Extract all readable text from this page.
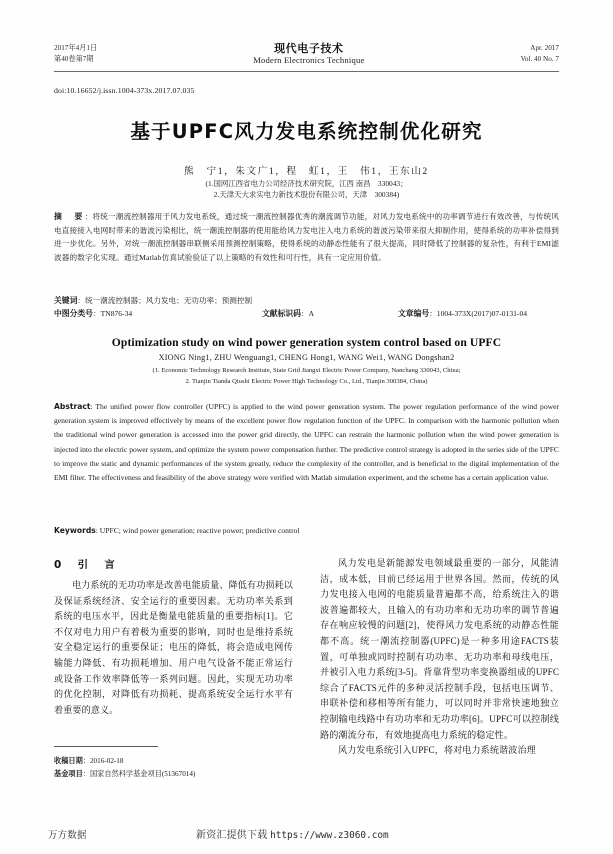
2017年4月1日
第40卷第7期
现代电子技术
Modern Electronics Technique
Apr. 2017
Vol. 40 No. 7
doi:10.16652/j.issn.1004-373x.2017.07.035
基于UPFC风力发电系统控制优化研究
熊　宁1，朱文广1，程　虹1，王　伟1，王东山2
(1.国网江西省电力公司经济技术研究院，江西 南昌　330043；
2.天津天大求实电力新技术股份有限公司，天津　300384)
摘　要：将统一潮流控制器用于风力发电系统，通过统一潮流控制器优秀的潮流调节功能，对风力发电系统中的功率调节进行有效改善，与传统风电直接接入电网时带来的谐波污染相比，统一潮流控制器的使用能给风力发电注入电力系统的谐波污染带来很大抑制作用，使得系统的功率补偿得到进一步优化。另外，对统一潮流控制器串联侧采用预测控制策略，使得系统的动静态性能有了很大提高，同时降低了控制器的复杂性，有利于EMI滤波器的数字化实现。通过Matlab仿真试验验证了以上策略的有效性和可行性，具有一定应用价值。
关键词：统一潮流控制器；风力发电；无功功率；预测控制
中图分类号：TN876-34	文献标识码：A	文章编号：1004-373X(2017)07-0131-04
Optimization study on wind power generation system control based on UPFC
XIONG Ning1, ZHU Wenguang1, CHENG Hong1, WANG Wei1, WANG Dongshan2
(1. Economic Technology Research Institute, State Grid Jiangxi Electric Power Company, Nanchang 330043, China;
2. Tianjin Tianda Qiushi Electric Power High Technology Co., Ltd., Tianjin 300384, China)
Abstract: The unified power flow controller (UPFC) is applied to the wind power generation system. The power regulation performance of the wind power generation system is improved effectively by means of the excellent power flow regulation function of the UPFC. In comparison with the harmonic pollution when the traditional wind power generation is accessed into the power grid directly, the UPFC can restrain the harmonic pollution when the wind power generation is injected into the electric power system, and optimize the system power compensation further. The predictive control strategy is adopted in the series side of the UPFC to improve the static and dynamic performances of the system greatly, reduce the complexity of the controller, and is beneficial to the digital implementation of the EMI filter. The effectiveness and feasibility of the above strategy were verified with Matlab simulation experiment, and the scheme has a certain application value.
Keywords: UPFC; wind power generation; reactive power; predictive control
0　引　言
电力系统的无功功率是改善电能质量、降低有功损耗以及保证系统经济、安全运行的重要因素。无功功率关系到系统的电压水平，因此是衡量电能质量的重要指标[1]。它不仅对电力用户有着极为重要的影响，同时也是维持系统安全稳定运行的重要保证；电压的降低，将会造成电网传输能力降低、有功损耗增加、用户电气设备不能正常运行或设备工作效率降低等一系列问题。因此，实现无功功率的优化控制，对降低有功损耗、提高系统安全运行水平有着重要的意义。
收稿日期：2016-02-18
基金项目：国家自然科学基金项目(51367014)
风力发电是新能源发电领域最重要的一部分，风能清洁，成本低，目前已经运用于世界各国。然而，传统的风力发电接入电网的电能质量普遍都不高，给系统注入的谐波普遍都较大，且输入的有功功率和无功功率的调节普遍存在响应较慢的问题[2]，使得风力发电系统的动静态性能都不高。统一潮流控制器(UPFC)是一种多用途FACTS装置，可单独或同时控制有功功率、无功功率和母线电压，并被引入电力系统[3-5]。背靠背型功率变换器组成的UPFC综合了FACTS元件的多种灵活控制手段，包括电压调节、串联补偿和移相等所有能力，可以同时并非常快速地独立控制输电线路中有功功率和无功功率[6]。UPFC可以控制线路的潮流分布，有效地提高电力系统的稳定性。
风力发电系统引入UPFC，将对电力系统谐波治理
万方数据	新资汇提供下载 https://www.z3060.com
